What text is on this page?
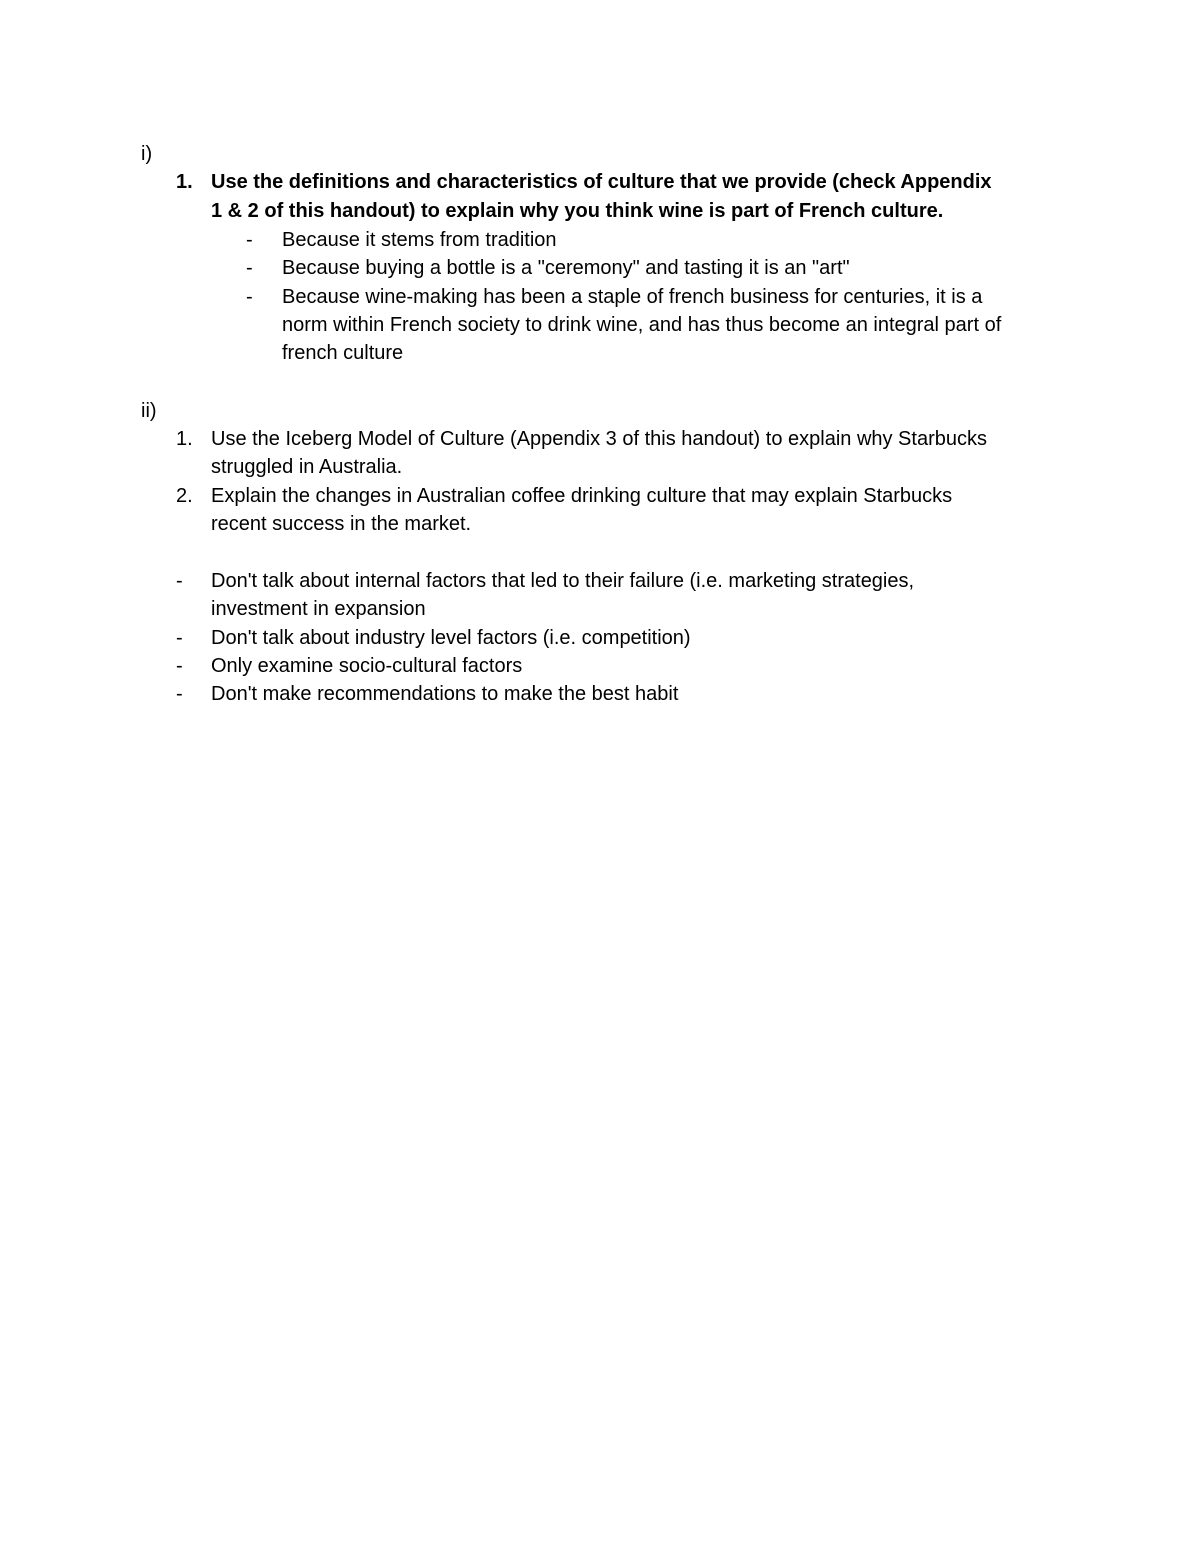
i)
1. Use the definitions and characteristics of culture that we provide (check Appendix
1 & 2 of this handout) to explain why you think wine is part of French culture.
- Because it stems from tradition
- Because buying a bottle is a "ceremony" and tasting it is an "art"
- Because wine-making has been a staple of french business for centuries, it is a
norm within French society to drink wine, and has thus become an integral part of
french culture
ii)
1. Use the Iceberg Model of Culture (Appendix 3 of this handout) to explain why Starbucks
struggled in Australia.
2. Explain the changes in Australian coffee drinking culture that may explain Starbucks
recent success in the market.
- Don't talk about internal factors that led to their failure (i.e. marketing strategies,
investment in expansion
- Don't talk about industry level factors (i.e. competition)
- Only examine socio-cultural factors
- Don't make recommendations to make the best habit
